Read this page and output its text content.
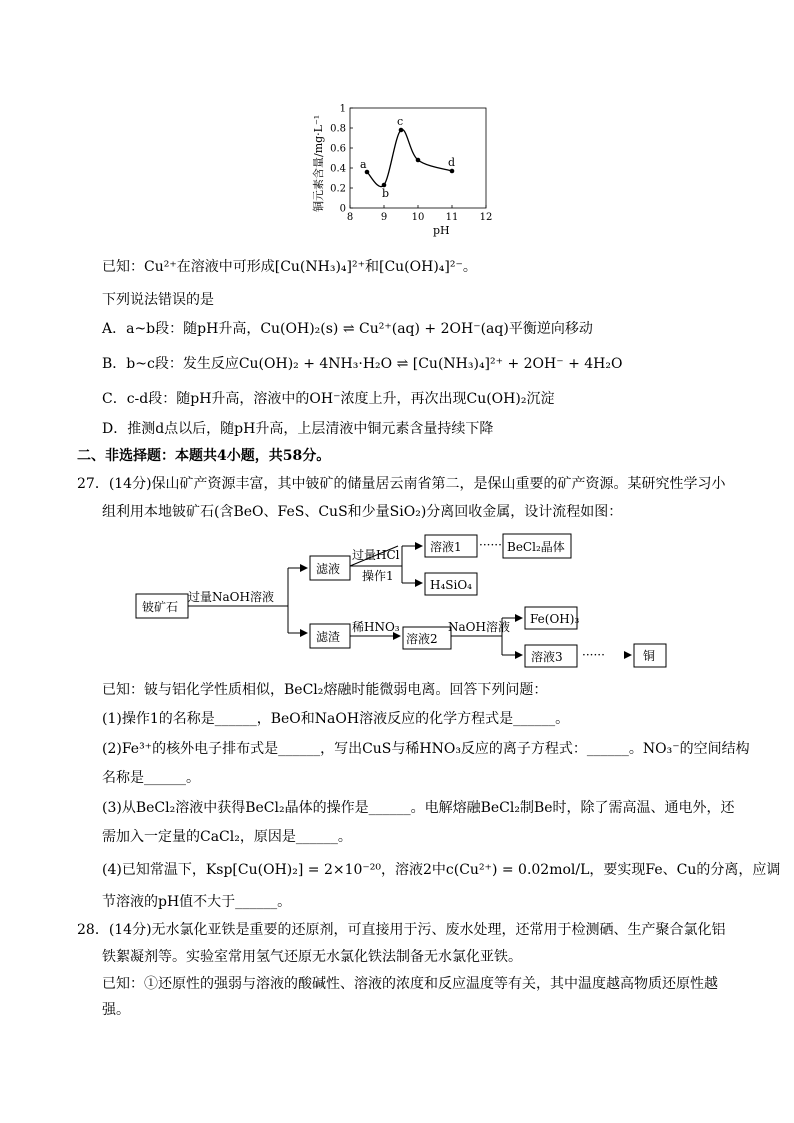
8	9 10 11 12
0
0.2
0.4
0.6
0.8
1
a
b
c
d
铜元素含量/mg·L⁻¹
pH
已知：Cu²⁺在溶液中可形成[Cu(NH₃)₄]²⁺和[Cu(OH)₄]²⁻。
下列说法错误的是
A．a~b段：随pH升高，Cu(OH)₂(s) ⇌ Cu²⁺(aq) + 2OH⁻(aq)平衡逆向移动
B．b~c段：发生反应Cu(OH)₂ + 4NH₃·H₂O ⇌ [Cu(NH₃)₄]²⁺ + 2OH⁻ + 4H₂O
C．c-d段：随pH升高，溶液中的OH⁻浓度上升，再次出现Cu(OH)₂沉淀
D．推测d点以后，随pH升高，上层清液中铜元素含量持续下降
二、非选择题：本题共4小题，共58分。
27．(14分)保山矿产资源丰富，其中铍矿的储量居云南省第二，是保山重要的矿产资源。某研究性学习小
组利用本地铍矿石(含BeO、FeS、CuS和少量SiO₂)分离回收金属，设计流程如图：
铍矿石
过量NaOH溶液
滤液
过量HCl
操作1
溶液1 ······ BeCl₂晶体
H₄SiO₄
滤渣
稀HNO₃
溶液2
NaOH溶液
Fe(OH)₃
溶液3 ······	铜
已知：铍与铝化学性质相似，BeCl₂熔融时能微弱电离。回答下列问题：
(1)操作1的名称是______，BeO和NaOH溶液反应的化学方程式是______。
(2)Fe³⁺的核外电子排布式是______，写出CuS与稀HNO₃反应的离子方程式：______。NO₃⁻的空间结构
名称是______。
(3)从BeCl₂溶液中获得BeCl₂晶体的操作是______。电解熔融BeCl₂制Be时，除了需高温、通电外，还
需加入一定量的CaCl₂，原因是______。
(4)已知常温下，Ksp[Cu(OH)₂] = 2×10⁻²⁰，溶液2中c(Cu²⁺) = 0.02mol/L，要实现Fe、Cu的分离，应调
节溶液的pH值不大于______。
28．(14分)无水氯化亚铁是重要的还原剂，可直接用于污、废水处理，还常用于检测硒、生产聚合氯化铝
铁絮凝剂等。实验室常用氢气还原无水氯化铁法制备无水氯化亚铁。
已知：①还原性的强弱与溶液的酸碱性、溶液的浓度和反应温度等有关，其中温度越高物质还原性越
强。
